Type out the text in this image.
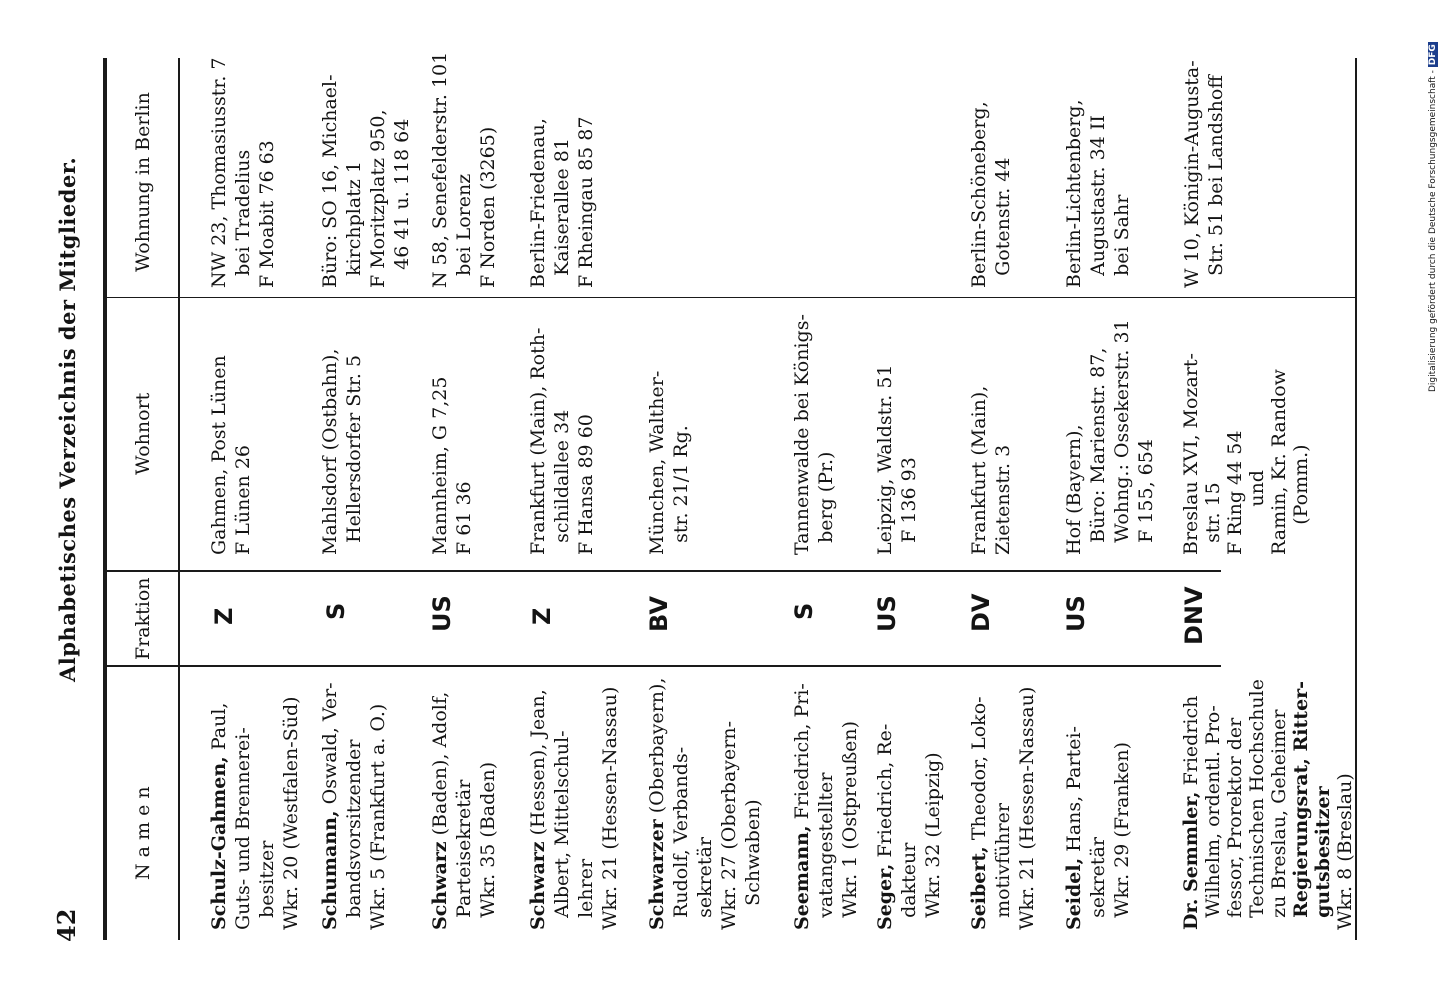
42
Alphabetisches Verzeichnis der Mitglieder.	Digitalisierung gefördert durch die Deutsche Forschungsgemeinschaft - DFG
N a m e n
Fraktion
Wohnort
Wohnung in Berlin
Schulz-Gahmen, Paul,
Guts- und Brennerei- besitzer Wkr. 20 (Westfalen-Süd)
Z
Gahmen, Post Lünen F Lünen 26
NW 23, Thomasiusstr. 7 bei Tradelius F Moabit 76 63
Schumann, Oswald, Ver- bandsvorsitzender Wkr. 5 (Frankfurt a. O.)
S
Mahlsdorf (Ostbahn), Hellersdorfer Str. 5
Büro: SO 16, Michael- kirchplatz 1 F Moritzplatz 950, 46 41 u. 118 64
Schwarz (Baden), Adolf,
Parteisekretär Wkr. 35 (Baden)
US
Mannheim, G 7,25 F 61 36
N 58, Senefelderstr. 101 bei Lorenz F Norden (3265)
Schwarz (Hessen), Jean, Albert, Mittelschul- lehrer Wkr. 21 (Hessen-Nassau)
Z
Frankfurt (Main), Roth- schildallee 34 F Hansa 89 60
Berlin-Friedenau, Kaiserallee 81 F Rheingau 85 87
Schwarzer (Oberbayern),
Rudolf, Verbands- sekretär Wkr. 27 (Oberbayern- Schwaben)
BV
München, Walther- str. 21/1 Rg.
Seemann, Friedrich, Pri-
vatangestellter Wkr. 1 (Ostpreußen)
S
Tannenwalde bei Königs- berg (Pr.)
Seger, Friedrich, Re-
dakteur Wkr. 32 (Leipzig)
US
Leipzig, Waldstr. 51 F 136 93
Seibert, Theodor, Loko-
motivführer Wkr. 21 (Hessen-Nassau)
DV
Frankfurt (Main), Zietenstr. 3
Berlin-Schöneberg, Gotenstr. 44
Seidel, Hans, Partei-
sekretär Wkr. 29 (Franken)
US
Hof (Bayern), Büro: Marienstr. 87, Wohng.: Ossekerstr. 31 F 155, 654
Berlin-Lichtenberg, Augustastr. 34 II bei Sahr
Dr. Semmler, Friedrich
Wilhelm, ordentl. Pro-
fessor, Prorektor der
Technischen Hochschule
zu Breslau, Geheimer
Regierungsrat, Ritter-
gutsbesitzer
Wkr. 8 (Breslau)
DNV
Breslau XVI, Mozart-
str. 15
F Ring 44 54
und
Ramin, Kr. Randow
(Pomm.)
W 10, Königin-Augusta- Str. 51 bei Landshoff
